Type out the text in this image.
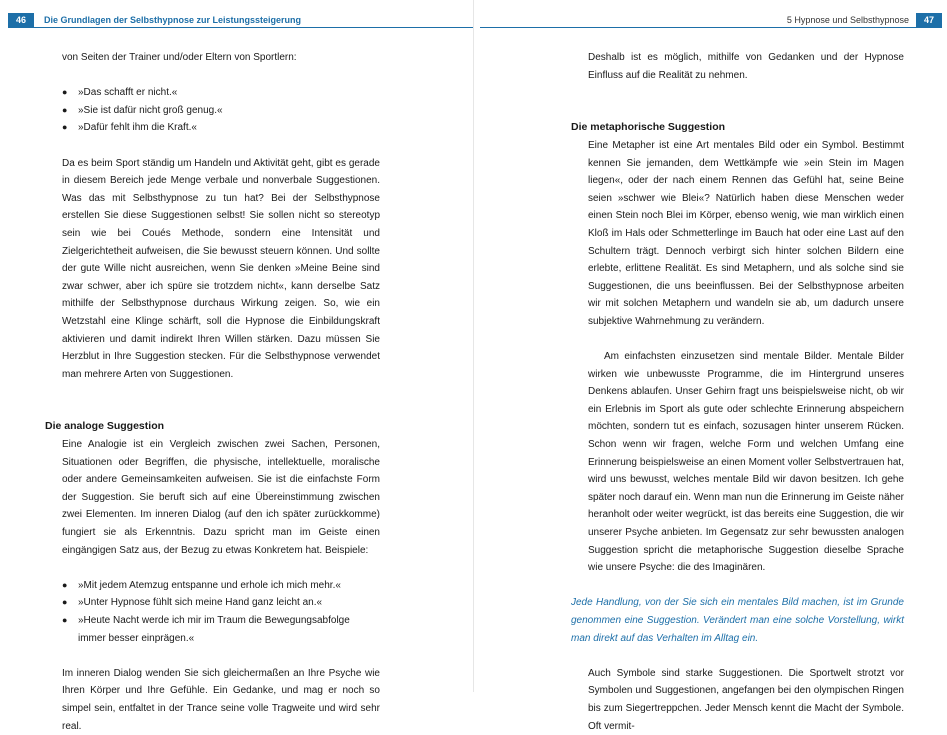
46	Die Grundlagen der Selbsthypnose zur Leistungssteigerung	5 Hypnose und Selbsthypnose	47

von Seiten der Trainer und/oder Eltern von Sportlern:

● »Das schafft er nicht.«
● »Sie ist dafür nicht groß genug.«
● »Dafür fehlt ihm die Kraft.«

Da es beim Sport ständig um Handeln und Aktivität geht, gibt es gerade in diesem Bereich jede Menge verbale und nonverbale Suggestionen. Was das mit Selbsthypnose zu tun hat? Bei der Selbsthypnose erstellen Sie diese Suggestionen selbst! Sie sollen nicht so stereotyp sein wie bei Coués Methode, sondern eine Intensität und Zielgerichtetheit aufweisen, die Sie bewusst steuern können. Und sollte der gute Wille nicht ausreichen, wenn Sie denken »Meine Beine sind zwar schwer, aber ich spüre sie trotzdem nicht«, kann derselbe Satz mithilfe der Selbsthypnose durchaus Wirkung zeigen. So, wie ein Wetzstahl eine Klinge schärft, soll die Hypnose die Einbildungskraft aktivieren und damit indirekt Ihren Willen stärken. Dazu müssen Sie Herzblut in Ihre Suggestion stecken. Für die Selbsthypnose verwendet man mehrere Arten von Suggestionen.

Die analoge Suggestion

Eine Analogie ist ein Vergleich zwischen zwei Sachen, Personen, Situationen oder Begriffen, die physische, intellektuelle, moralische oder andere Gemeinsamkeiten aufweisen. Sie ist die einfachste Form der Suggestion. Sie beruft sich auf eine Übereinstimmung zwischen zwei Elementen. Im inneren Dialog (auf den ich später zurückkomme) fungiert sie als Erkenntnis. Dazu spricht man im Geiste einen eingängigen Satz aus, der Bezug zu etwas Konkretem hat. Beispiele:

● »Mit jedem Atemzug entspanne und erhole ich mich mehr.«
● »Unter Hypnose fühlt sich meine Hand ganz leicht an.«
● »Heute Nacht werde ich mir im Traum die Bewegungsabfolge immer besser einprägen.«

Im inneren Dialog wenden Sie sich gleichermaßen an Ihre Psyche wie Ihren Körper und Ihre Gefühle. Ein Gedanke, und mag er noch so simpel sein, entfaltet in der Trance seine volle Tragweite und wird sehr real.

Deshalb ist es möglich, mithilfe von Gedanken und der Hypnose Einfluss auf die Realität zu nehmen.

Die metaphorische Suggestion

Eine Metapher ist eine Art mentales Bild oder ein Symbol. Bestimmt kennen Sie jemanden, dem Wettkämpfe wie »ein Stein im Magen liegen«, oder der nach einem Rennen das Gefühl hat, seine Beine seien »schwer wie Blei«? Natürlich haben diese Menschen weder einen Stein noch Blei im Körper, ebenso wenig, wie man wirklich einen Kloß im Hals oder Schmetterlinge im Bauch hat oder eine Last auf den Schultern trägt. Dennoch verbirgt sich hinter solchen Bildern eine erlebte, erlittene Realität. Es sind Metaphern, und als solche sind sie Suggestionen, die uns beeinflussen. Bei der Selbsthypnose arbeiten wir mit solchen Metaphern und wandeln sie ab, um dadurch unsere subjektive Wahrnehmung zu verändern.

Am einfachsten einzusetzen sind mentale Bilder. Mentale Bilder wirken wie unbewusste Programme, die im Hintergrund unseres Denkens ablaufen. Unser Gehirn fragt uns beispielsweise nicht, ob wir ein Erlebnis im Sport als gute oder schlechte Erinnerung abspeichern möchten, sondern tut es einfach, sozusagen hinter unserem Rücken. Schon wenn wir fragen, welche Form und welchen Umfang eine Erinnerung beispielsweise an einen Moment voller Selbstvertrauen hat, wird uns bewusst, welches mentale Bild wir davon besitzen. Ich gehe später noch darauf ein. Wenn man nun die Erinnerung im Geiste näher heranholt oder weiter wegrückt, ist das bereits eine Suggestion, die wir unserer Psyche anbieten. Im Gegensatz zur sehr bewussten analogen Suggestion spricht die metaphorische Suggestion dieselbe Sprache wie unsere Psyche: die des Imaginären.

Jede Handlung, von der Sie sich ein mentales Bild machen, ist im Grunde genommen eine Suggestion. Verändert man eine solche Vorstellung, wirkt man direkt auf das Verhalten im Alltag ein.

Auch Symbole sind starke Suggestionen. Die Sportwelt strotzt vor Symbolen und Suggestionen, angefangen bei den olympischen Ringen bis zum Siegertreppchen. Jeder Mensch kennt die Macht der Symbole. Oft vermit-
